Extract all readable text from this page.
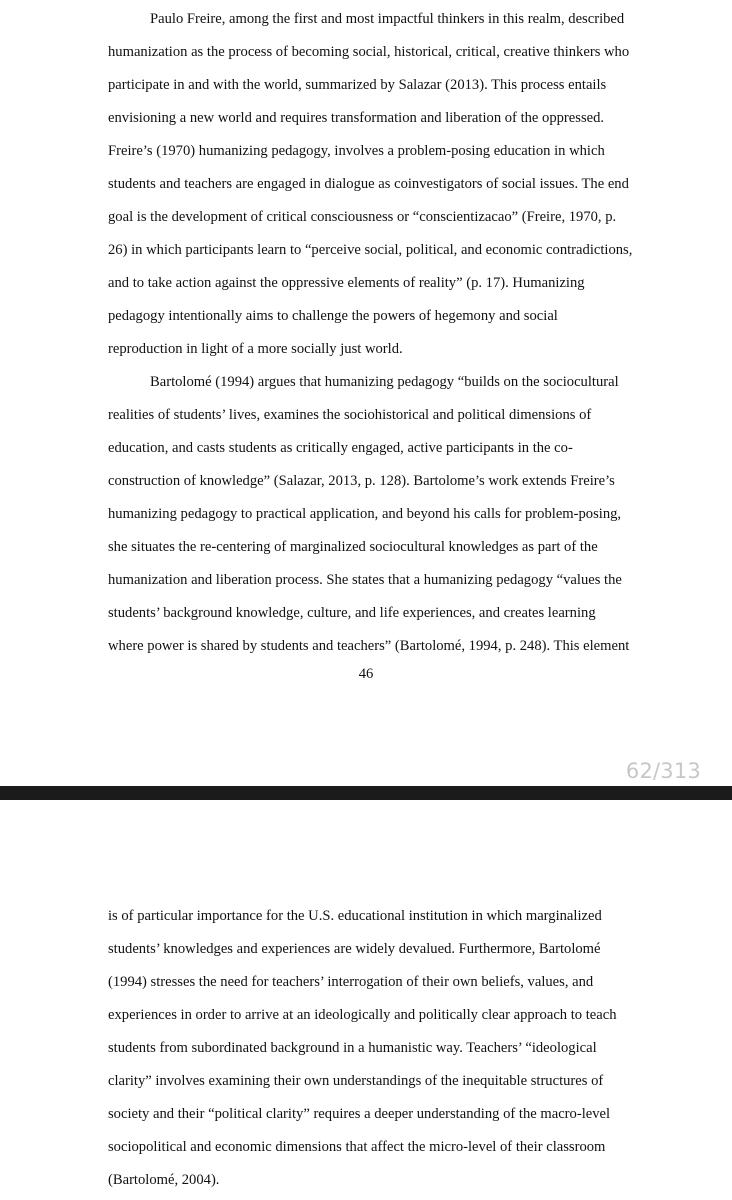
Paulo Freire, among the first and most impactful thinkers in this realm, described
humanization as the process of becoming social, historical, critical, creative thinkers who
participate in and with the world, summarized by Salazar (2013). This process entails
envisioning a new world and requires transformation and liberation of the oppressed.
Freire’s (1970) humanizing pedagogy, involves a problem-posing education in which
students and teachers are engaged in dialogue as coinvestigators of social issues. The end
goal is the development of critical consciousness or “conscientizacao” (Freire, 1970, p.
26) in which participants learn to “perceive social, political, and economic contradictions,
and to take action against the oppressive elements of reality” (p. 17). Humanizing
pedagogy intentionally aims to challenge the powers of hegemony and social
reproduction in light of a more socially just world.
Bartolomé (1994) argues that humanizing pedagogy “builds on the sociocultural
realities of students’ lives, examines the sociohistorical and political dimensions of
education, and casts students as critically engaged, active participants in the co-
construction of knowledge” (Salazar, 2013, p. 128). Bartolome’s work extends Freire’s
humanizing pedagogy to practical application, and beyond his calls for problem-posing,
she situates the re-centering of marginalized sociocultural knowledges as part of the
humanization and liberation process. She states that a humanizing pedagogy “values the
students’ background knowledge, culture, and life experiences, and creates learning
where power is shared by students and teachers” (Bartolomé, 1994, p. 248). This element
46
62/313
is of particular importance for the U.S. educational institution in which marginalized
students’ knowledges and experiences are widely devalued. Furthermore, Bartolomé
(1994) stresses the need for teachers’ interrogation of their own beliefs, values, and
experiences in order to arrive at an ideologically and politically clear approach to teach
students from subordinated background in a humanistic way. Teachers’ “ideological
clarity” involves examining their own understandings of the inequitable structures of
society and their “political clarity” requires a deeper understanding of the macro-level
sociopolitical and economic dimensions that affect the micro-level of their classroom
(Bartolomé, 2004).
